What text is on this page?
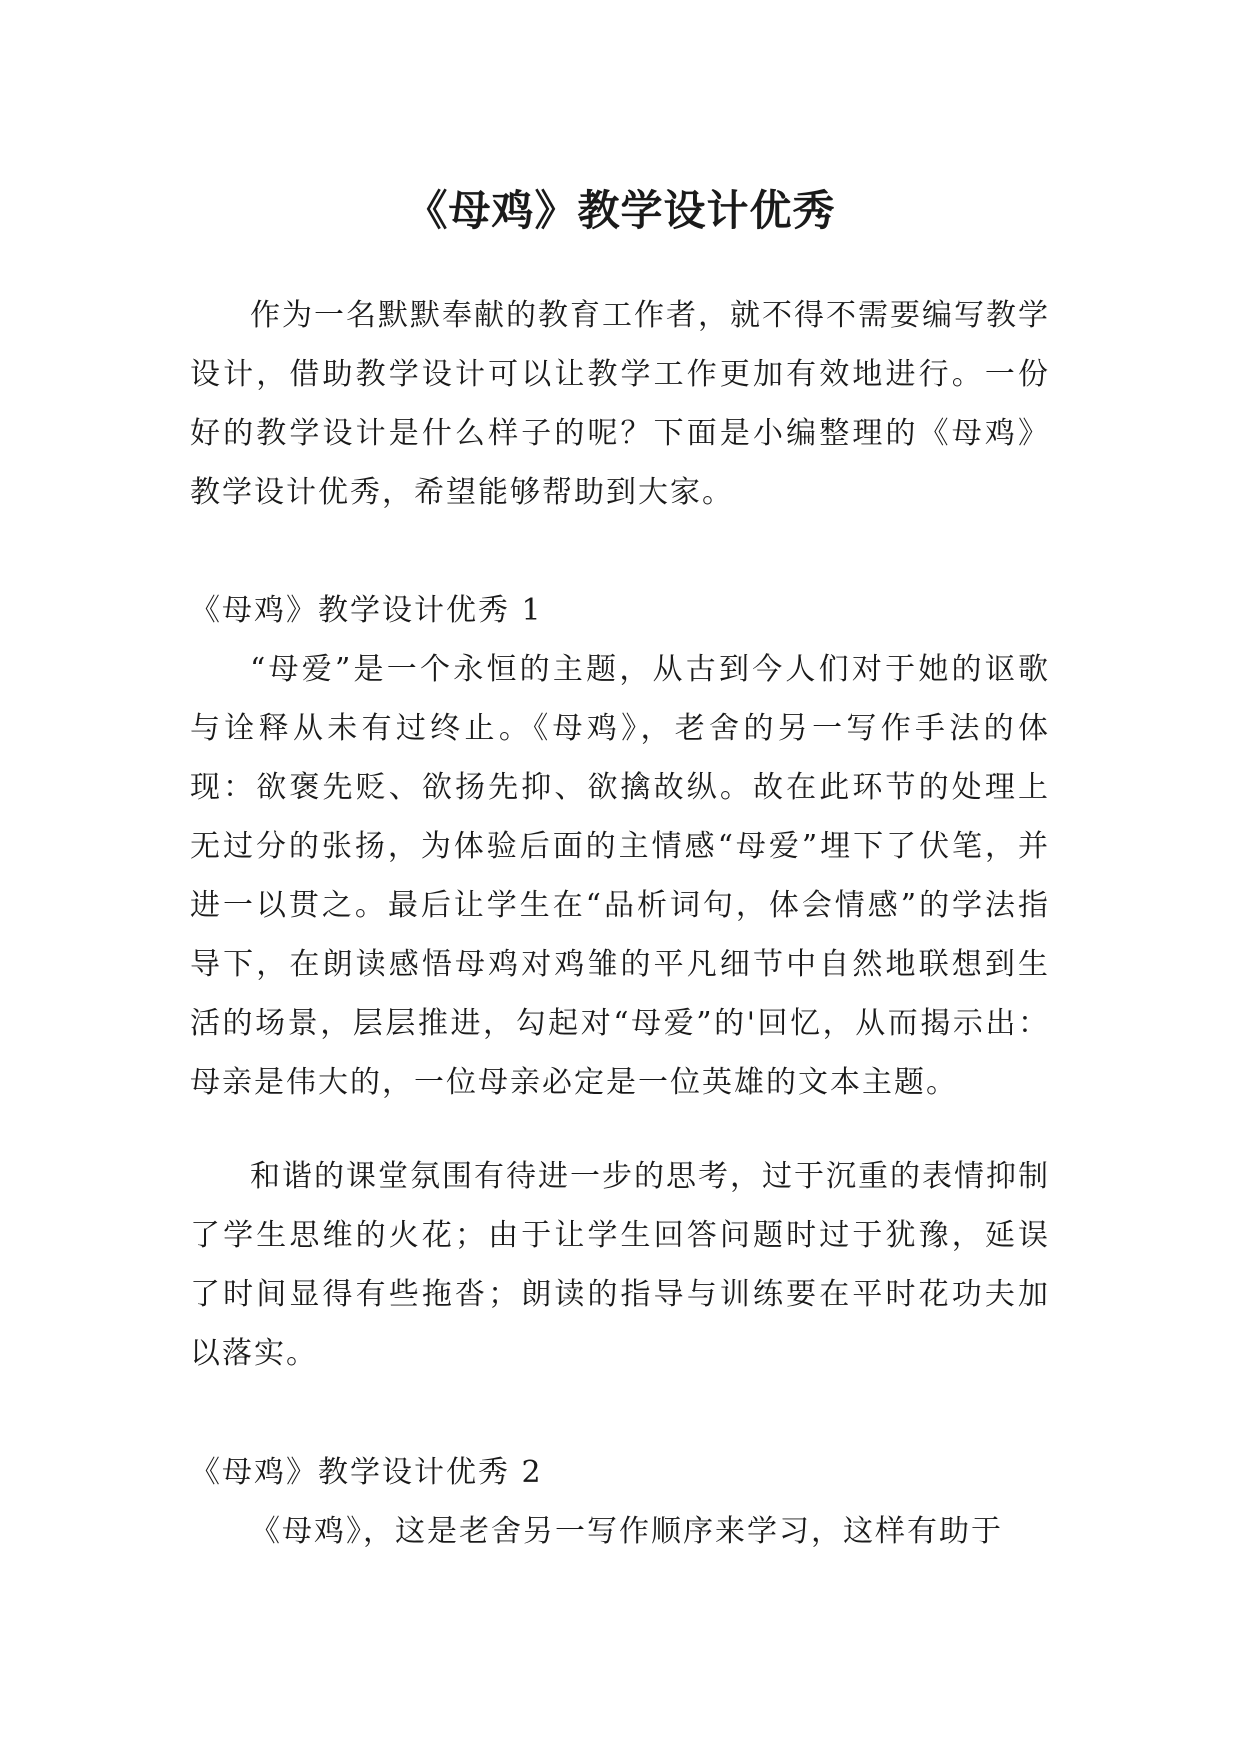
《母鸡》教学设计优秀

作为一名默默奉献的教育工作者，就不得不需要编写教学设计，借助教学设计可以让教学工作更加有效地进行。一份好的教学设计是什么样子的呢？下面是小编整理的《母鸡》教学设计优秀，希望能够帮助到大家。

《母鸡》教学设计优秀 1

“母爱”是一个永恒的主题，从古到今人们对于她的讴歌与诠释从未有过终止。《母鸡》，老舍的另一写作手法的体现：欲褒先贬、欲扬先抑、欲擒故纵。故在此环节的处理上无过分的张扬，为体验后面的主情感“母爱”埋下了伏笔，并进一以贯之。最后让学生在“品析词句，体会情感”的学法指导下，在朗读感悟母鸡对鸡雏的平凡细节中自然地联想到生活的场景，层层推进，勾起对“母爱”的'回忆，从而揭示出：母亲是伟大的，一位母亲必定是一位英雄的文本主题。

和谐的课堂氛围有待进一步的思考，过于沉重的表情抑制了学生思维的火花；由于让学生回答问题时过于犹豫，延误了时间显得有些拖沓；朗读的指导与训练要在平时花功夫加以落实。

《母鸡》教学设计优秀 2

《母鸡》，这是老舍另一写作顺序来学习，这样有助于
